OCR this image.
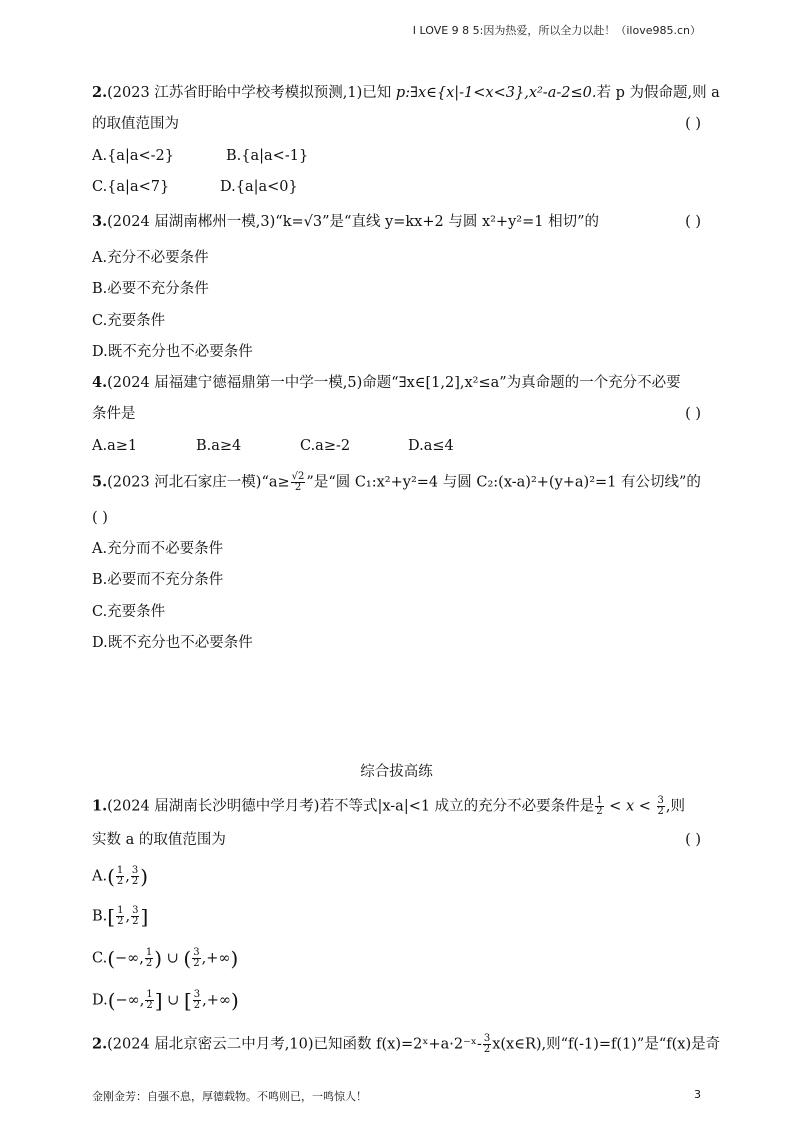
I LOVE 9 8 5:因为热爱，所以全力以赴！（ilove985.cn）
2.(2023 江苏省盱眙中学校考模拟预测,1)已知 p:∃x∈{x|-1<x<3},x²-a-2≤0.若 p 为假命题,则 a
的取值范围为	( )
A.{a|a<-2}	B.{a|a<-1}
C.{a|a<7}	D.{a|a<0}
3.(2024 届湖南郴州一模,3)“k=√3”是“直线 y=kx+2 与圆 x²+y²=1 相切”的	( )
A.充分不必要条件
B.必要不充分条件
C.充要条件
D.既不充分也不必要条件
4.(2024 届福建宁德福鼎第一中学一模,5)命题“∃x∈[1,2],x²≤a”为真命题的一个充分不必要
条件是	( )
A.a≥1	B.a≥4	C.a≥-2	D.a≤4
5.(2023 河北石家庄一模)“a≥ $\frac{√2}{2}$ ”是“圆 C₁:x²+y²=4 与圆 C₂:(x-a)²+(y+a)²=1 有公切线”的
( )
A.充分而不必要条件
B.必要而不充分条件
C.充要条件
D.既不充分也不必要条件
综合拔高练
1.(2024 届湖南长沙明德中学月考)若不等式|x-a|<1 成立的充分不必要条件是 $\frac{1}{2} < x < \frac{3}{2}$ ,则
实数 a 的取值范围为	( )
$A.( \frac{1}{2}$ , $\frac{3}{2}$ )
$B.[ \frac{1}{2}$ , $\frac{3}{2}$ ]
C.(−∞, $\frac{1}{2}$ ) ∪ ( $\frac{3}{2}$ ,+∞)
D.(−∞, $\frac{1}{2}$ ] ∪ [ $\frac{3}{2}$ ,+∞)
2.(2024 届北京密云二中月考,10)已知函数 f(x)=2ˣ+a·2⁻ˣ- $\frac{3}{2}$ x(x∈R),则“f(-1)=f(1)”是“f(x)是奇
金刚金芳：自强不息，厚德载物。不鸣则已，一鸣惊人！	3
